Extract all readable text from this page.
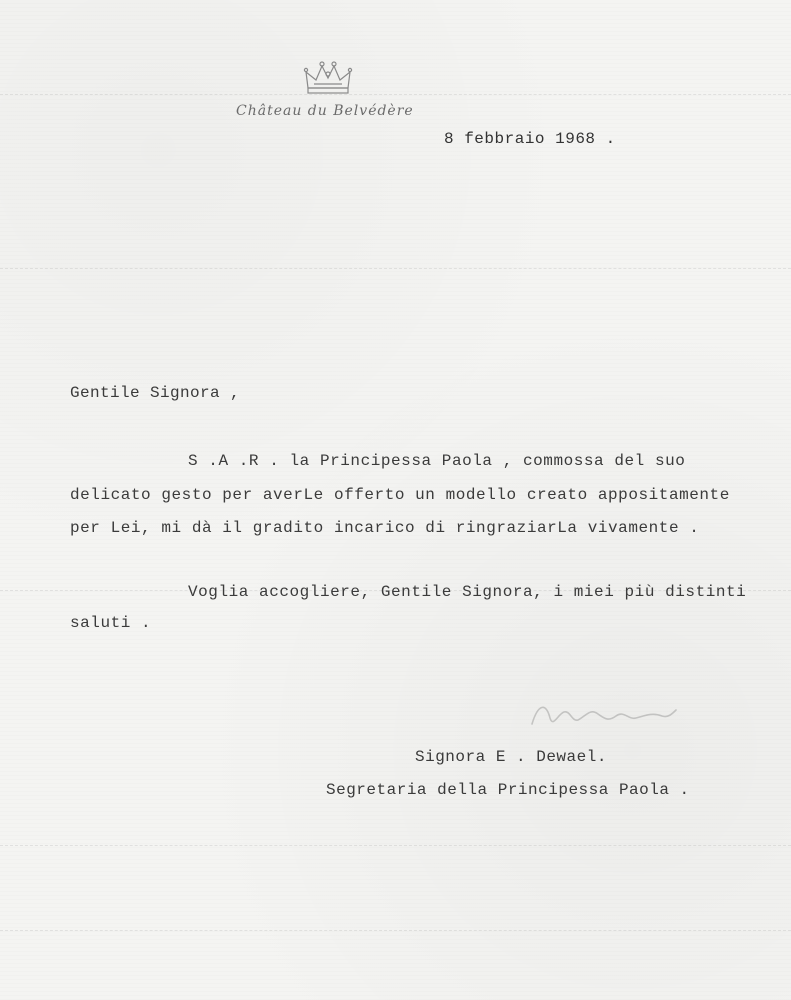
Château du Belvédère
8 febbraio 1968 .
Gentile Signora ,
S .A .R . la Principessa Paola , commossa del suo
delicato gesto per averLe offerto un modello creato appositamente
per Lei, mi dà il gradito incarico di ringraziarLa vivamente .
Voglia accogliere, Gentile Signora, i miei più distinti
saluti .
Signora E . Dewael.
Segretaria della Principessa Paola .
